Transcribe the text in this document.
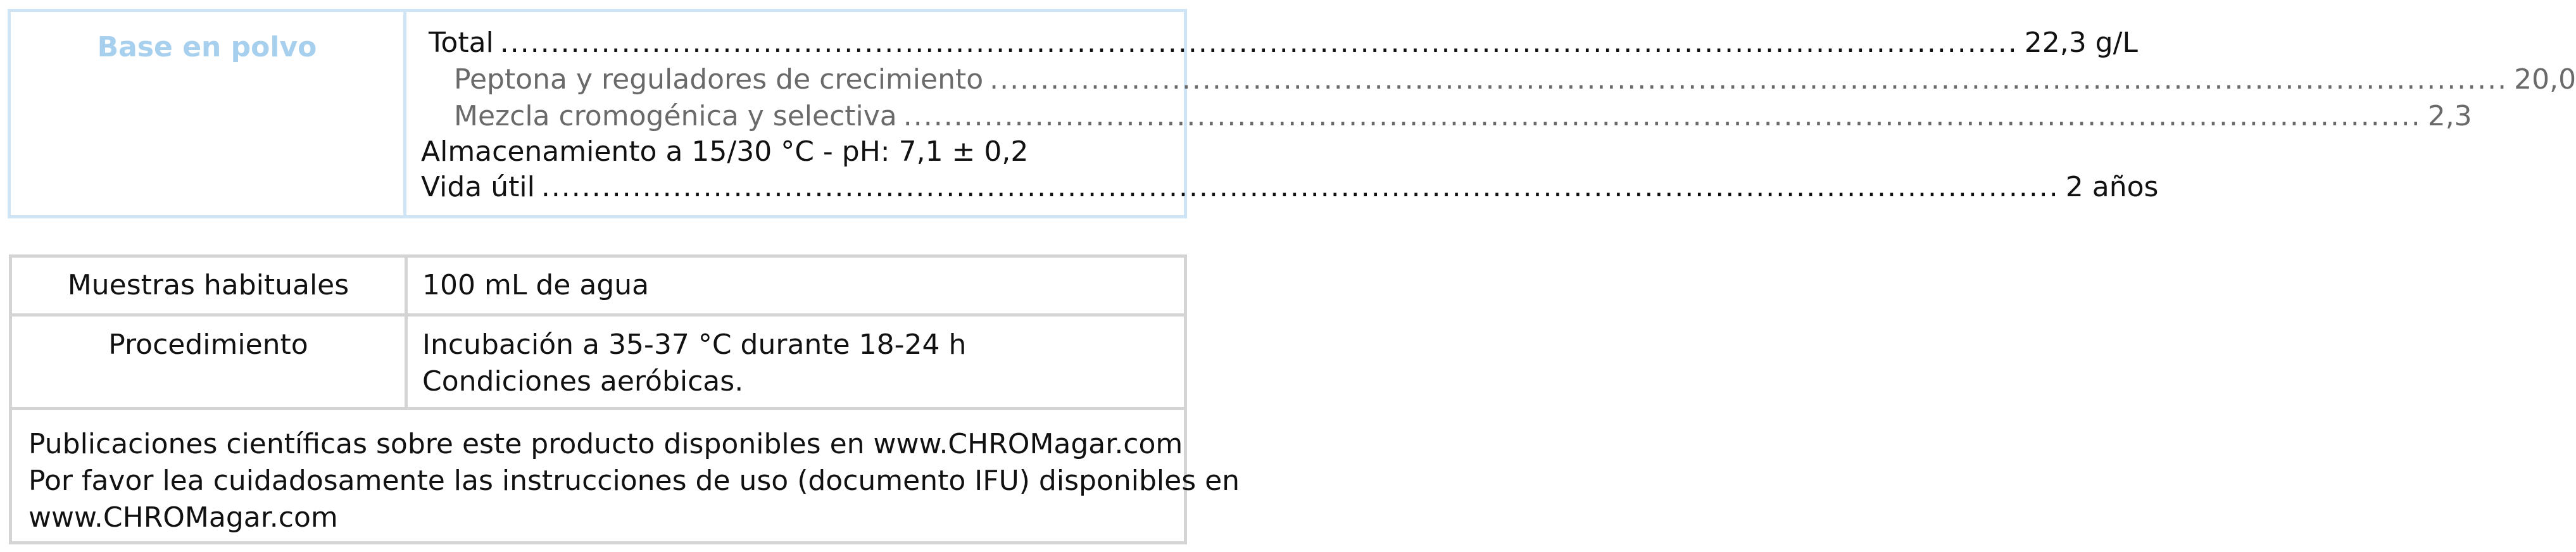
Base en polvo	Total ...................................................................................................................................................... 22,3 g/L
Peptona y reguladores de crecimiento ...................................................................................................................................................... 20,0
Mezcla cromogénica y selectiva ...................................................................................................................................................... 2,3
Almacenamiento a 15/30 °C - pH: 7,1 ± 0,2
Vida útil ...................................................................................................................................................... 2 años
Muestras habituales	100 mL de agua
Procedimiento	Incubación a 35-37 °C durante 18-24 h
Condiciones aeróbicas.
Publicaciones científicas sobre este producto disponibles en www.CHROMagar.com
Por favor lea cuidadosamente las instrucciones de uso (documento IFU) disponibles en
www.CHROMagar.com
